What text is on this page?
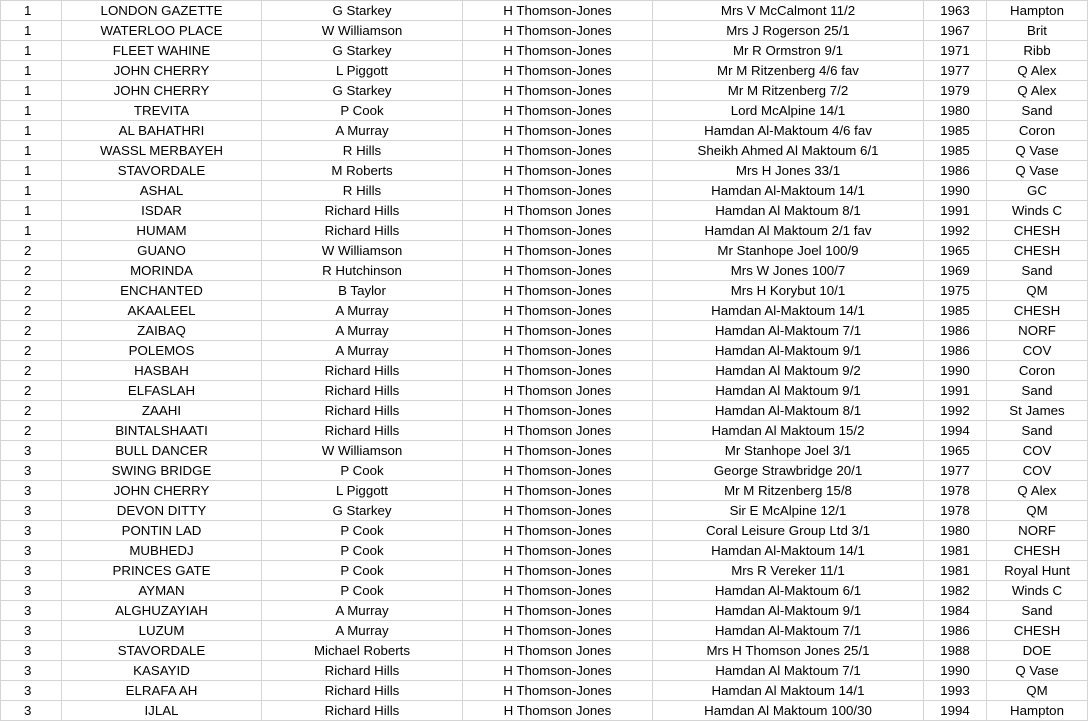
1	LONDON GAZETTE	G Starkey	H Thomson-Jones	Mrs V McCalmont 11/2	1963	Hampton
1	WATERLOO PLACE	W Williamson	H Thomson-Jones	Mrs J Rogerson 25/1	1967	Brit
1	FLEET WAHINE	G Starkey	H Thomson-Jones	Mr R Ormstron 9/1	1971	Ribb
1	JOHN CHERRY	L Piggott	H Thomson-Jones	Mr M Ritzenberg 4/6 fav	1977	Q Alex
1	JOHN CHERRY	G Starkey	H Thomson-Jones	Mr M Ritzenberg 7/2	1979	Q Alex
1	TREVITA	P Cook	H Thomson-Jones	Lord McAlpine 14/1	1980	Sand
1	AL BAHATHRI	A Murray	H Thomson-Jones	Hamdan Al-Maktoum 4/6 fav	1985	Coron
1	WASSL MERBAYEH	R Hills	H Thomson-Jones	Sheikh Ahmed Al Maktoum 6/1	1985	Q Vase
1	STAVORDALE	M Roberts	H Thomson-Jones	Mrs H Jones 33/1	1986	Q Vase
1	ASHAL	R Hills	H Thomson-Jones	Hamdan Al-Maktoum 14/1	1990	GC
1	ISDAR	Richard Hills	H Thomson Jones	Hamdan Al Maktoum 8/1	1991	Winds C
1	HUMAM	Richard Hills	H Thomson-Jones	Hamdan Al Maktoum 2/1 fav	1992	CHESH
2	GUANO	W Williamson	H Thomson-Jones	Mr Stanhope Joel 100/9	1965	CHESH
2	MORINDA	R Hutchinson	H Thomson-Jones	Mrs W Jones 100/7	1969	Sand
2	ENCHANTED	B Taylor	H Thomson-Jones	Mrs H Korybut 10/1	1975	QM
2	AKAALEEL	A Murray	H Thomson-Jones	Hamdan Al-Maktoum 14/1	1985	CHESH
2	ZAIBAQ	A Murray	H Thomson-Jones	Hamdan Al-Maktoum 7/1	1986	NORF
2	POLEMOS	A Murray	H Thomson-Jones	Hamdan Al-Maktoum 9/1	1986	COV
2	HASBAH	Richard Hills	H Thomson-Jones	Hamdan Al Maktoum 9/2	1990	Coron
2	ELFASLAH	Richard Hills	H Thomson Jones	Hamdan Al Maktoum 9/1	1991	Sand
2	ZAAHI	Richard Hills	H Thomson-Jones	Hamdan Al-Maktoum 8/1	1992	St James
2	BINTALSHAATI	Richard Hills	H Thomson Jones	Hamdan Al Maktoum 15/2	1994	Sand
3	BULL DANCER	W Williamson	H Thomson-Jones	Mr Stanhope Joel 3/1	1965	COV
3	SWING BRIDGE	P Cook	H Thomson-Jones	George Strawbridge 20/1	1977	COV
3	JOHN CHERRY	L Piggott	H Thomson-Jones	Mr M Ritzenberg 15/8	1978	Q Alex
3	DEVON DITTY	G Starkey	H Thomson-Jones	Sir E McAlpine 12/1	1978	QM
3	PONTIN LAD	P Cook	H Thomson-Jones	Coral Leisure Group Ltd 3/1	1980	NORF
3	MUBHEDJ	P Cook	H Thomson-Jones	Hamdan Al-Maktoum 14/1	1981	CHESH
3	PRINCES GATE	P Cook	H Thomson-Jones	Mrs R Vereker 11/1	1981	Royal Hunt
3	AYMAN	P Cook	H Thomson-Jones	Hamdan Al-Maktoum 6/1	1982	Winds C
3	ALGHUZAYIAH	A Murray	H Thomson-Jones	Hamdan Al-Maktoum 9/1	1984	Sand
3	LUZUM	A Murray	H Thomson-Jones	Hamdan Al-Maktoum 7/1	1986	CHESH
3	STAVORDALE	Michael Roberts	H Thomson Jones	Mrs H Thomson Jones 25/1	1988	DOE
3	KASAYID	Richard Hills	H Thomson-Jones	Hamdan Al Maktoum 7/1	1990	Q Vase
3	ELRAFA AH	Richard Hills	H Thomson-Jones	Hamdan Al Maktoum 14/1	1993	QM
3	IJLAL	Richard Hills	H Thomson Jones	Hamdan Al Maktoum 100/30	1994	Hampton
